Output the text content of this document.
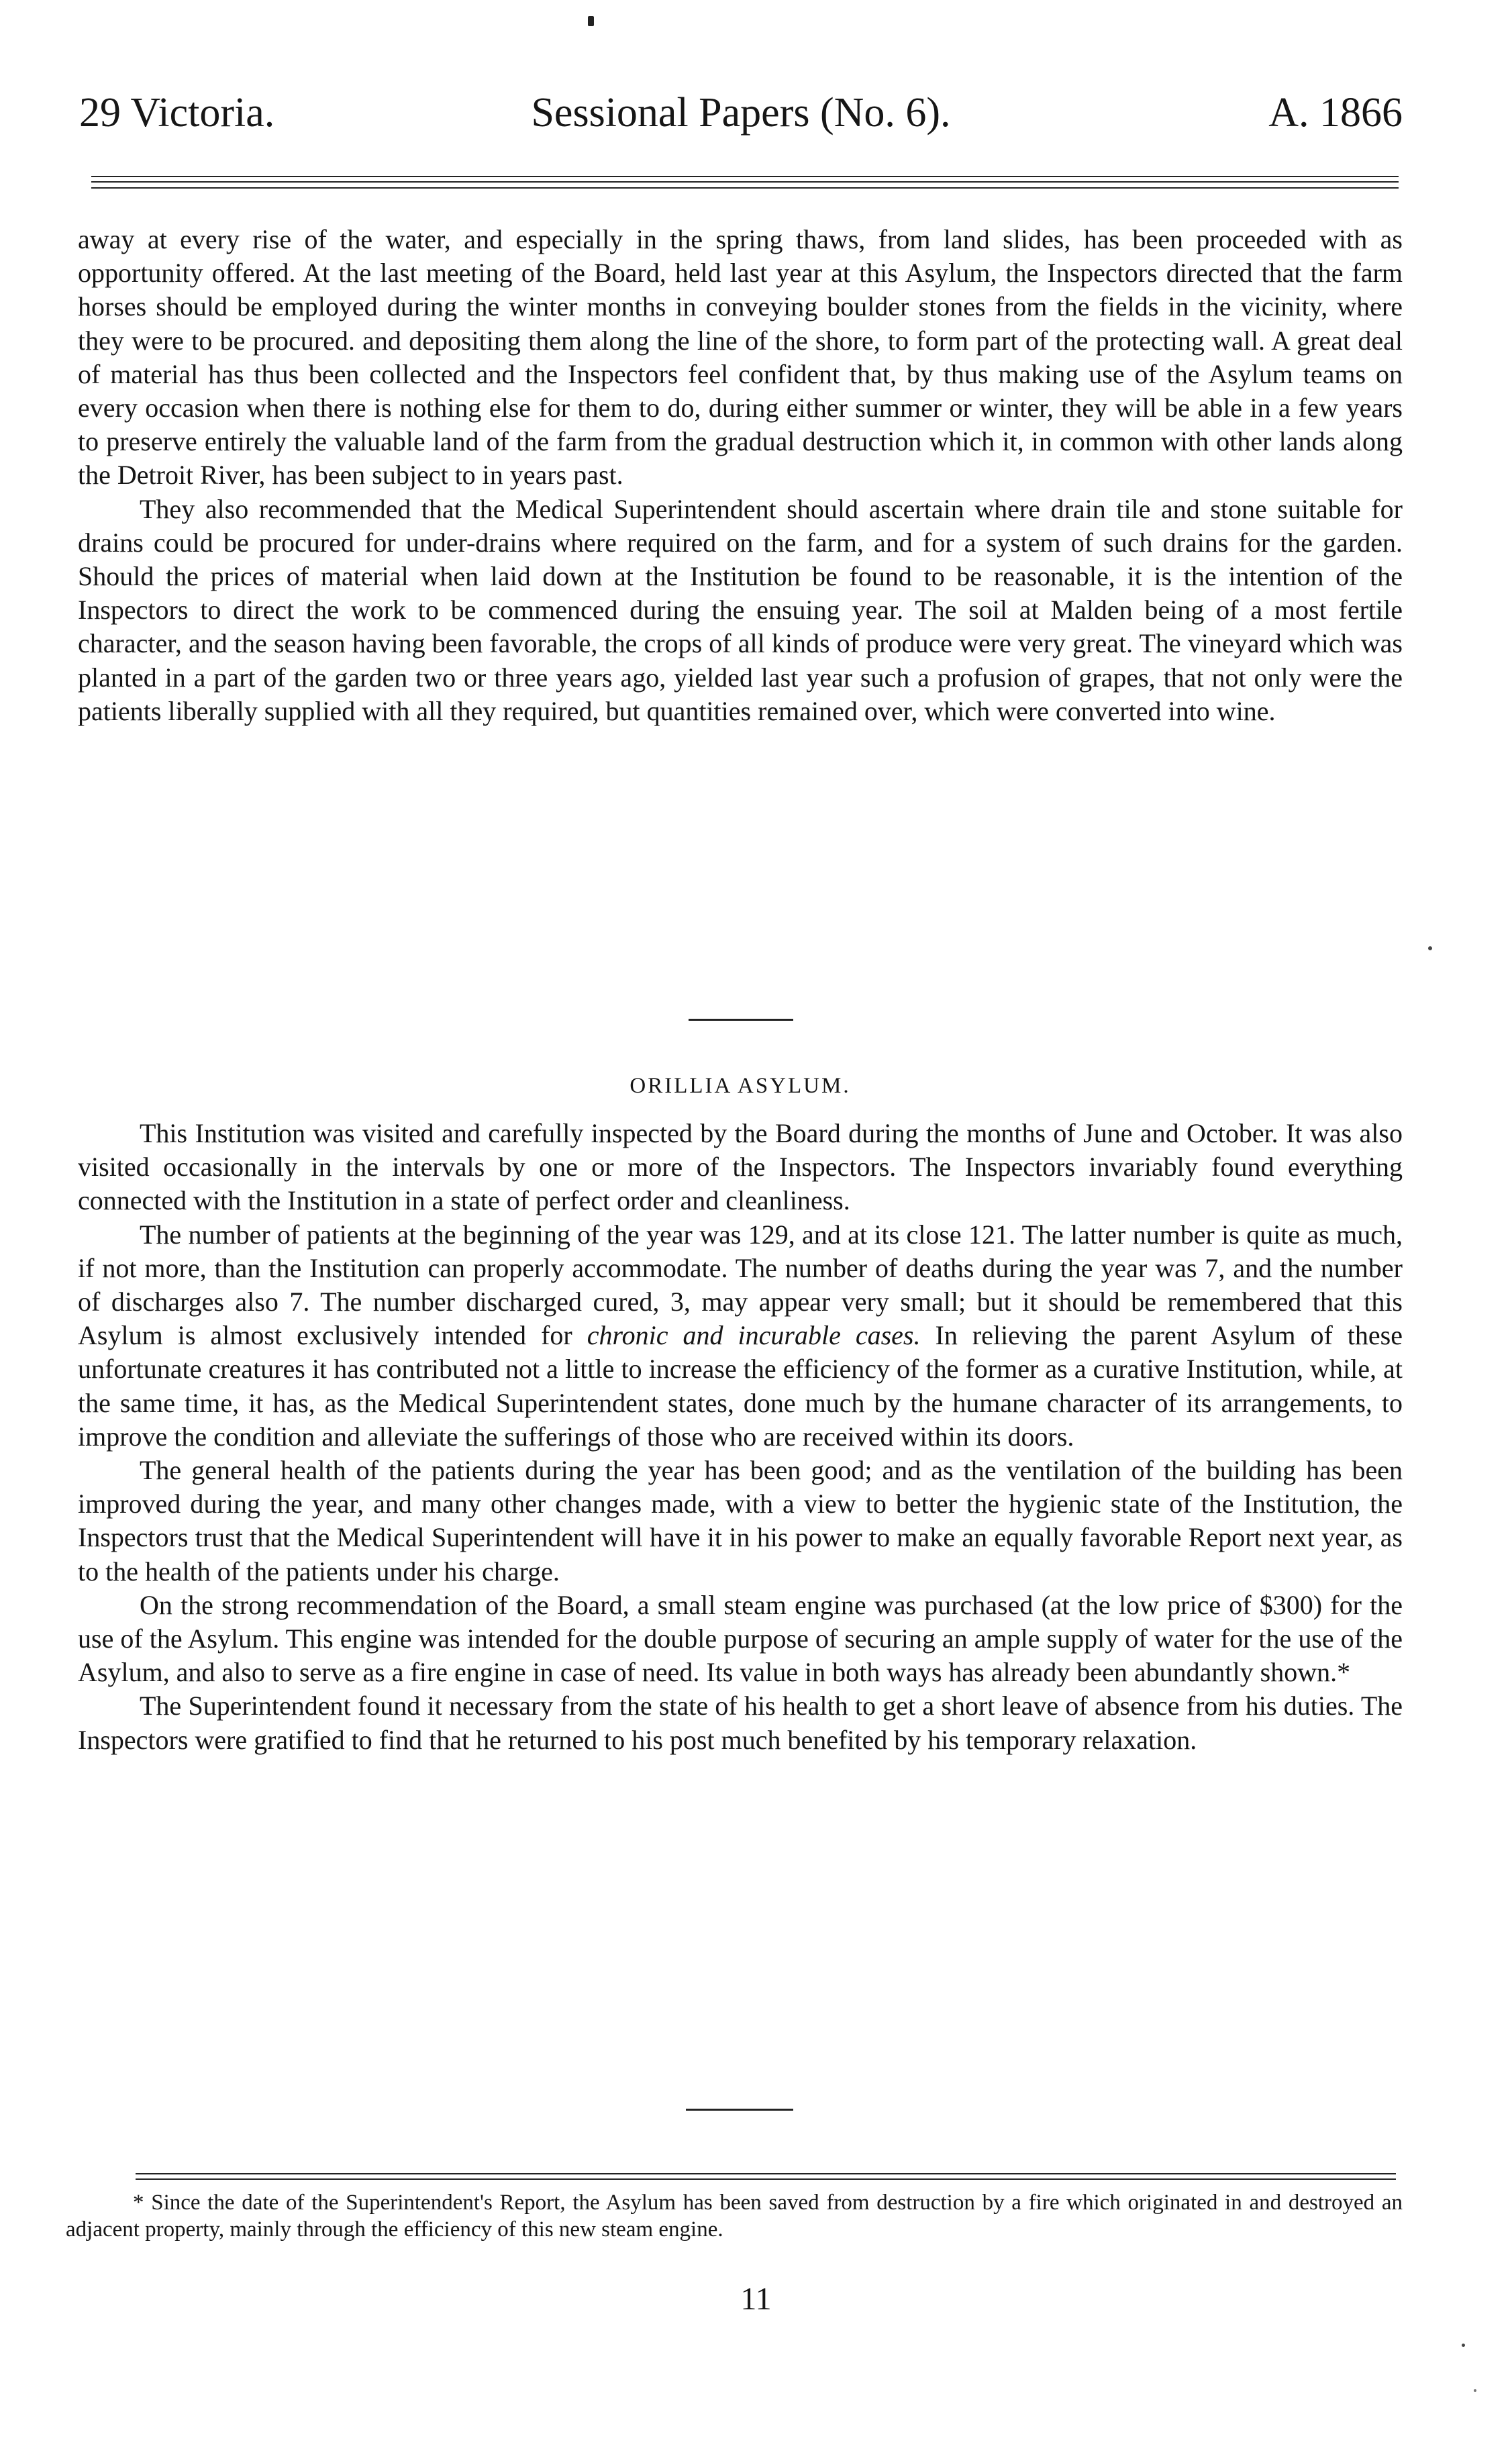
29 Victoria.	Sessional Papers (No. 6).	A. 1866

away at every rise of the water, and especially in the spring thaws, from land slides, has been proceeded with as opportunity offered. At the last meeting of the Board, held last year at this Asylum, the Inspectors directed that the farm horses should be employed during the winter months in conveying boulder stones from the fields in the vicinity, where they were to be procured. and depositing them along the line of the shore, to form part of the protecting wall. A great deal of material has thus been collected and the Inspectors feel confident that, by thus making use of the Asylum teams on every occasion when there is nothing else for them to do, during either summer or winter, they will be able in a few years to preserve entirely the valuable land of the farm from the gradual destruction which it, in common with other lands along the Detroit River, has been subject to in years past.

They also recommended that the Medical Superintendent should ascertain where drain tile and stone suitable for drains could be procured for under-drains where required on the farm, and for a system of such drains for the garden. Should the prices of material when laid down at the Institution be found to be reasonable, it is the intention of the Inspectors to direct the work to be commenced during the ensuing year. The soil at Malden being of a most fertile character, and the season having been favorable, the crops of all kinds of produce were very great. The vineyard which was planted in a part of the garden two or three years ago, yielded last year such a profusion of grapes, that not only were the patients liberally supplied with all they required, but quantities remained over, which were converted into wine.

ORILLIA ASYLUM.

This Institution was visited and carefully inspected by the Board during the months of June and October. It was also visited occasionally in the intervals by one or more of the Inspectors. The Inspectors invariably found everything connected with the Institution in a state of perfect order and cleanliness.

The number of patients at the beginning of the year was 129, and at its close 121. The latter number is quite as much, if not more, than the Institution can properly accommodate. The number of deaths during the year was 7, and the number of discharges also 7. The number discharged cured, 3, may appear very small; but it should be remembered that this Asylum is almost exclusively intended for chronic and incurable cases. In relieving the parent Asylum of these unfortunate creatures it has contributed not a little to increase the efficiency of the former as a curative Institution, while, at the same time, it has, as the Medical Superintendent states, done much by the humane character of its arrangements, to improve the condition and alleviate the sufferings of those who are received within its doors.

The general health of the patients during the year has been good; and as the ventilation of the building has been improved during the year, and many other changes made, with a view to better the hygienic state of the Institution, the Inspectors trust that the Medical Superintendent will have it in his power to make an equally favorable Report next year, as to the health of the patients under his charge.

On the strong recommendation of the Board, a small steam engine was purchased (at the low price of $300) for the use of the Asylum. This engine was intended for the double purpose of securing an ample supply of water for the use of the Asylum, and also to serve as a fire engine in case of need. Its value in both ways has already been abundantly shown.*

The Superintendent found it necessary from the state of his health to get a short leave of absence from his duties. The Inspectors were gratified to find that he returned to his post much benefited by his temporary relaxation.

* Since the date of the Superintendent's Report, the Asylum has been saved from destruction by a fire which originated in and destroyed an adjacent property, mainly through the efficiency of this new steam engine.

11
